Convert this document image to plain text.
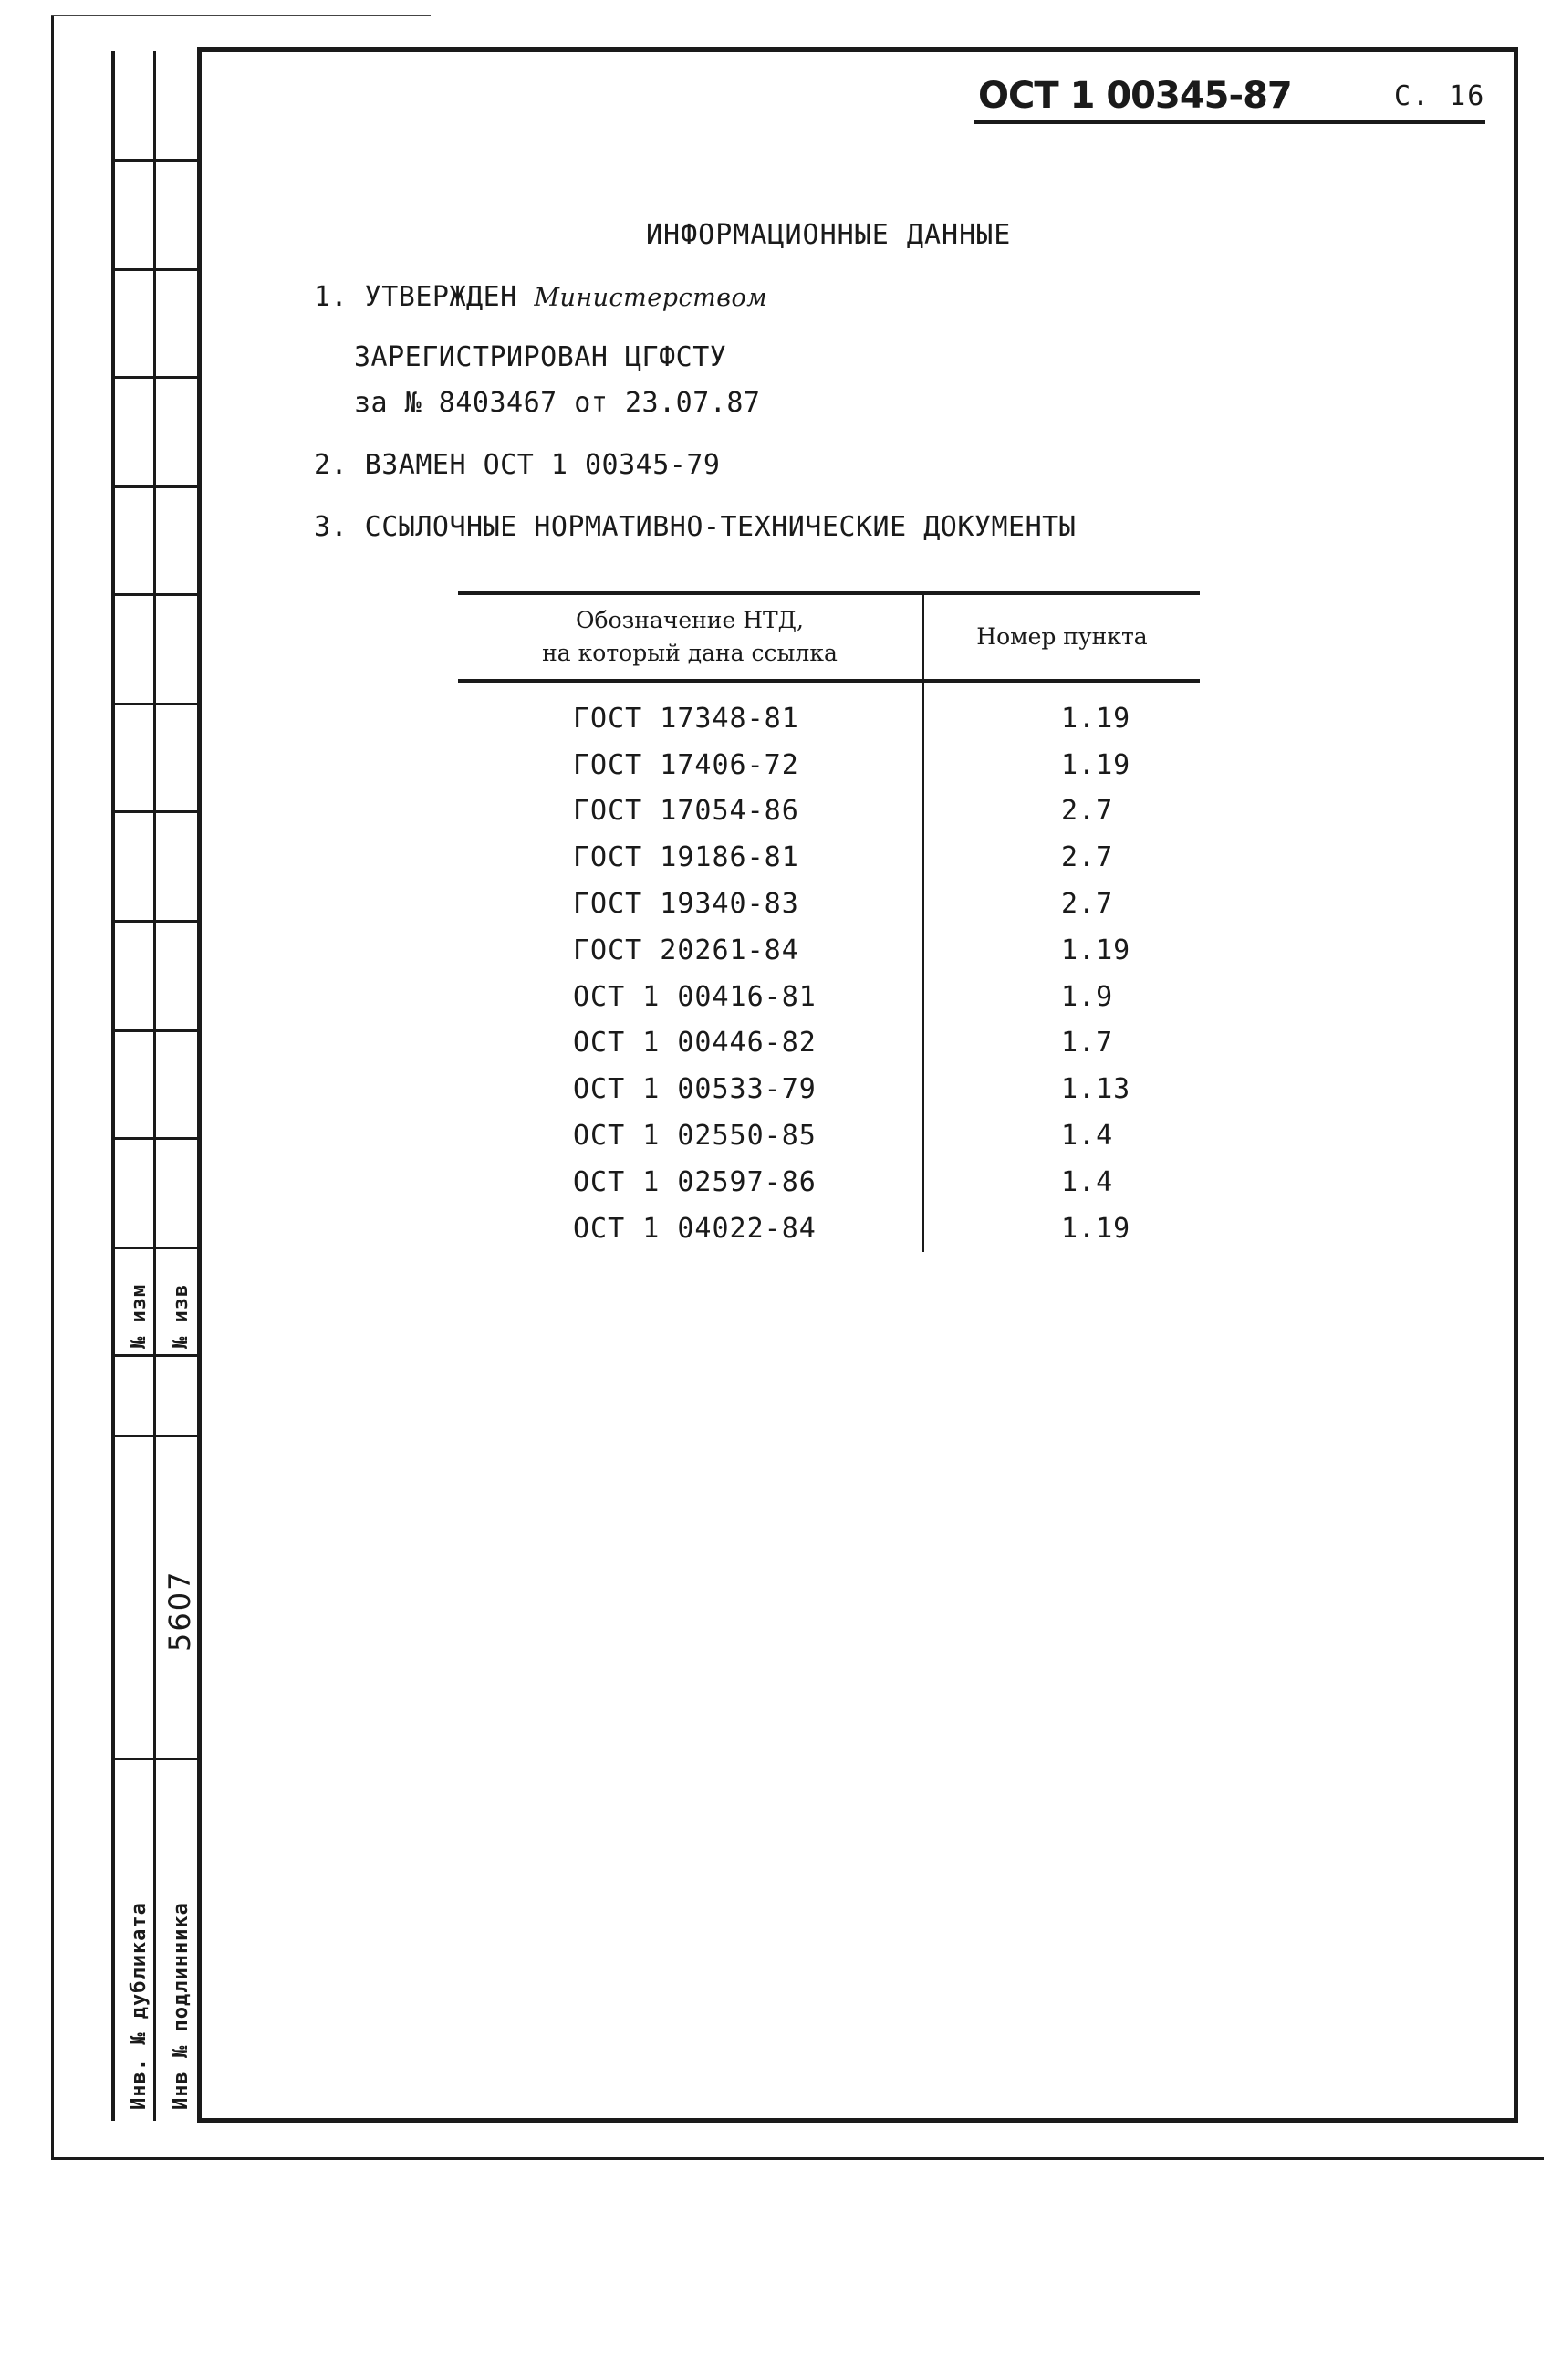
№ изм № изв
5607
Инв. № дубликата Инв № подлинника
ОСТ 1 00345-87	С. 16
ИНФОРМАЦИОННЫЕ ДАННЫЕ
1. УТВЕРЖДЕН Министерством
ЗАРЕГИСТРИРОВАН ЦГФСТУ
за № 8403467 от 23.07.87
2. ВЗАМЕН ОСТ 1 00345-79
3. ССЫЛОЧНЫЕ НОРМАТИВНО-ТЕХНИЧЕСКИЕ ДОКУМЕНТЫ
Обозначение НТД,
на который дана ссылка	Номер пункта
ГОСТ 17348-81	1.19
ГОСТ 17406-72	1.19
ГОСТ 17054-86	2.7
ГОСТ 19186-81	2.7
ГОСТ 19340-83	2.7
ГОСТ 20261-84	1.19
ОСТ 1 00416-81	1.9
ОСТ 1 00446-82	1.7
ОСТ 1 00533-79	1.13
ОСТ 1 02550-85	1.4
ОСТ 1 02597-86	1.4
ОСТ 1 04022-84	1.19
